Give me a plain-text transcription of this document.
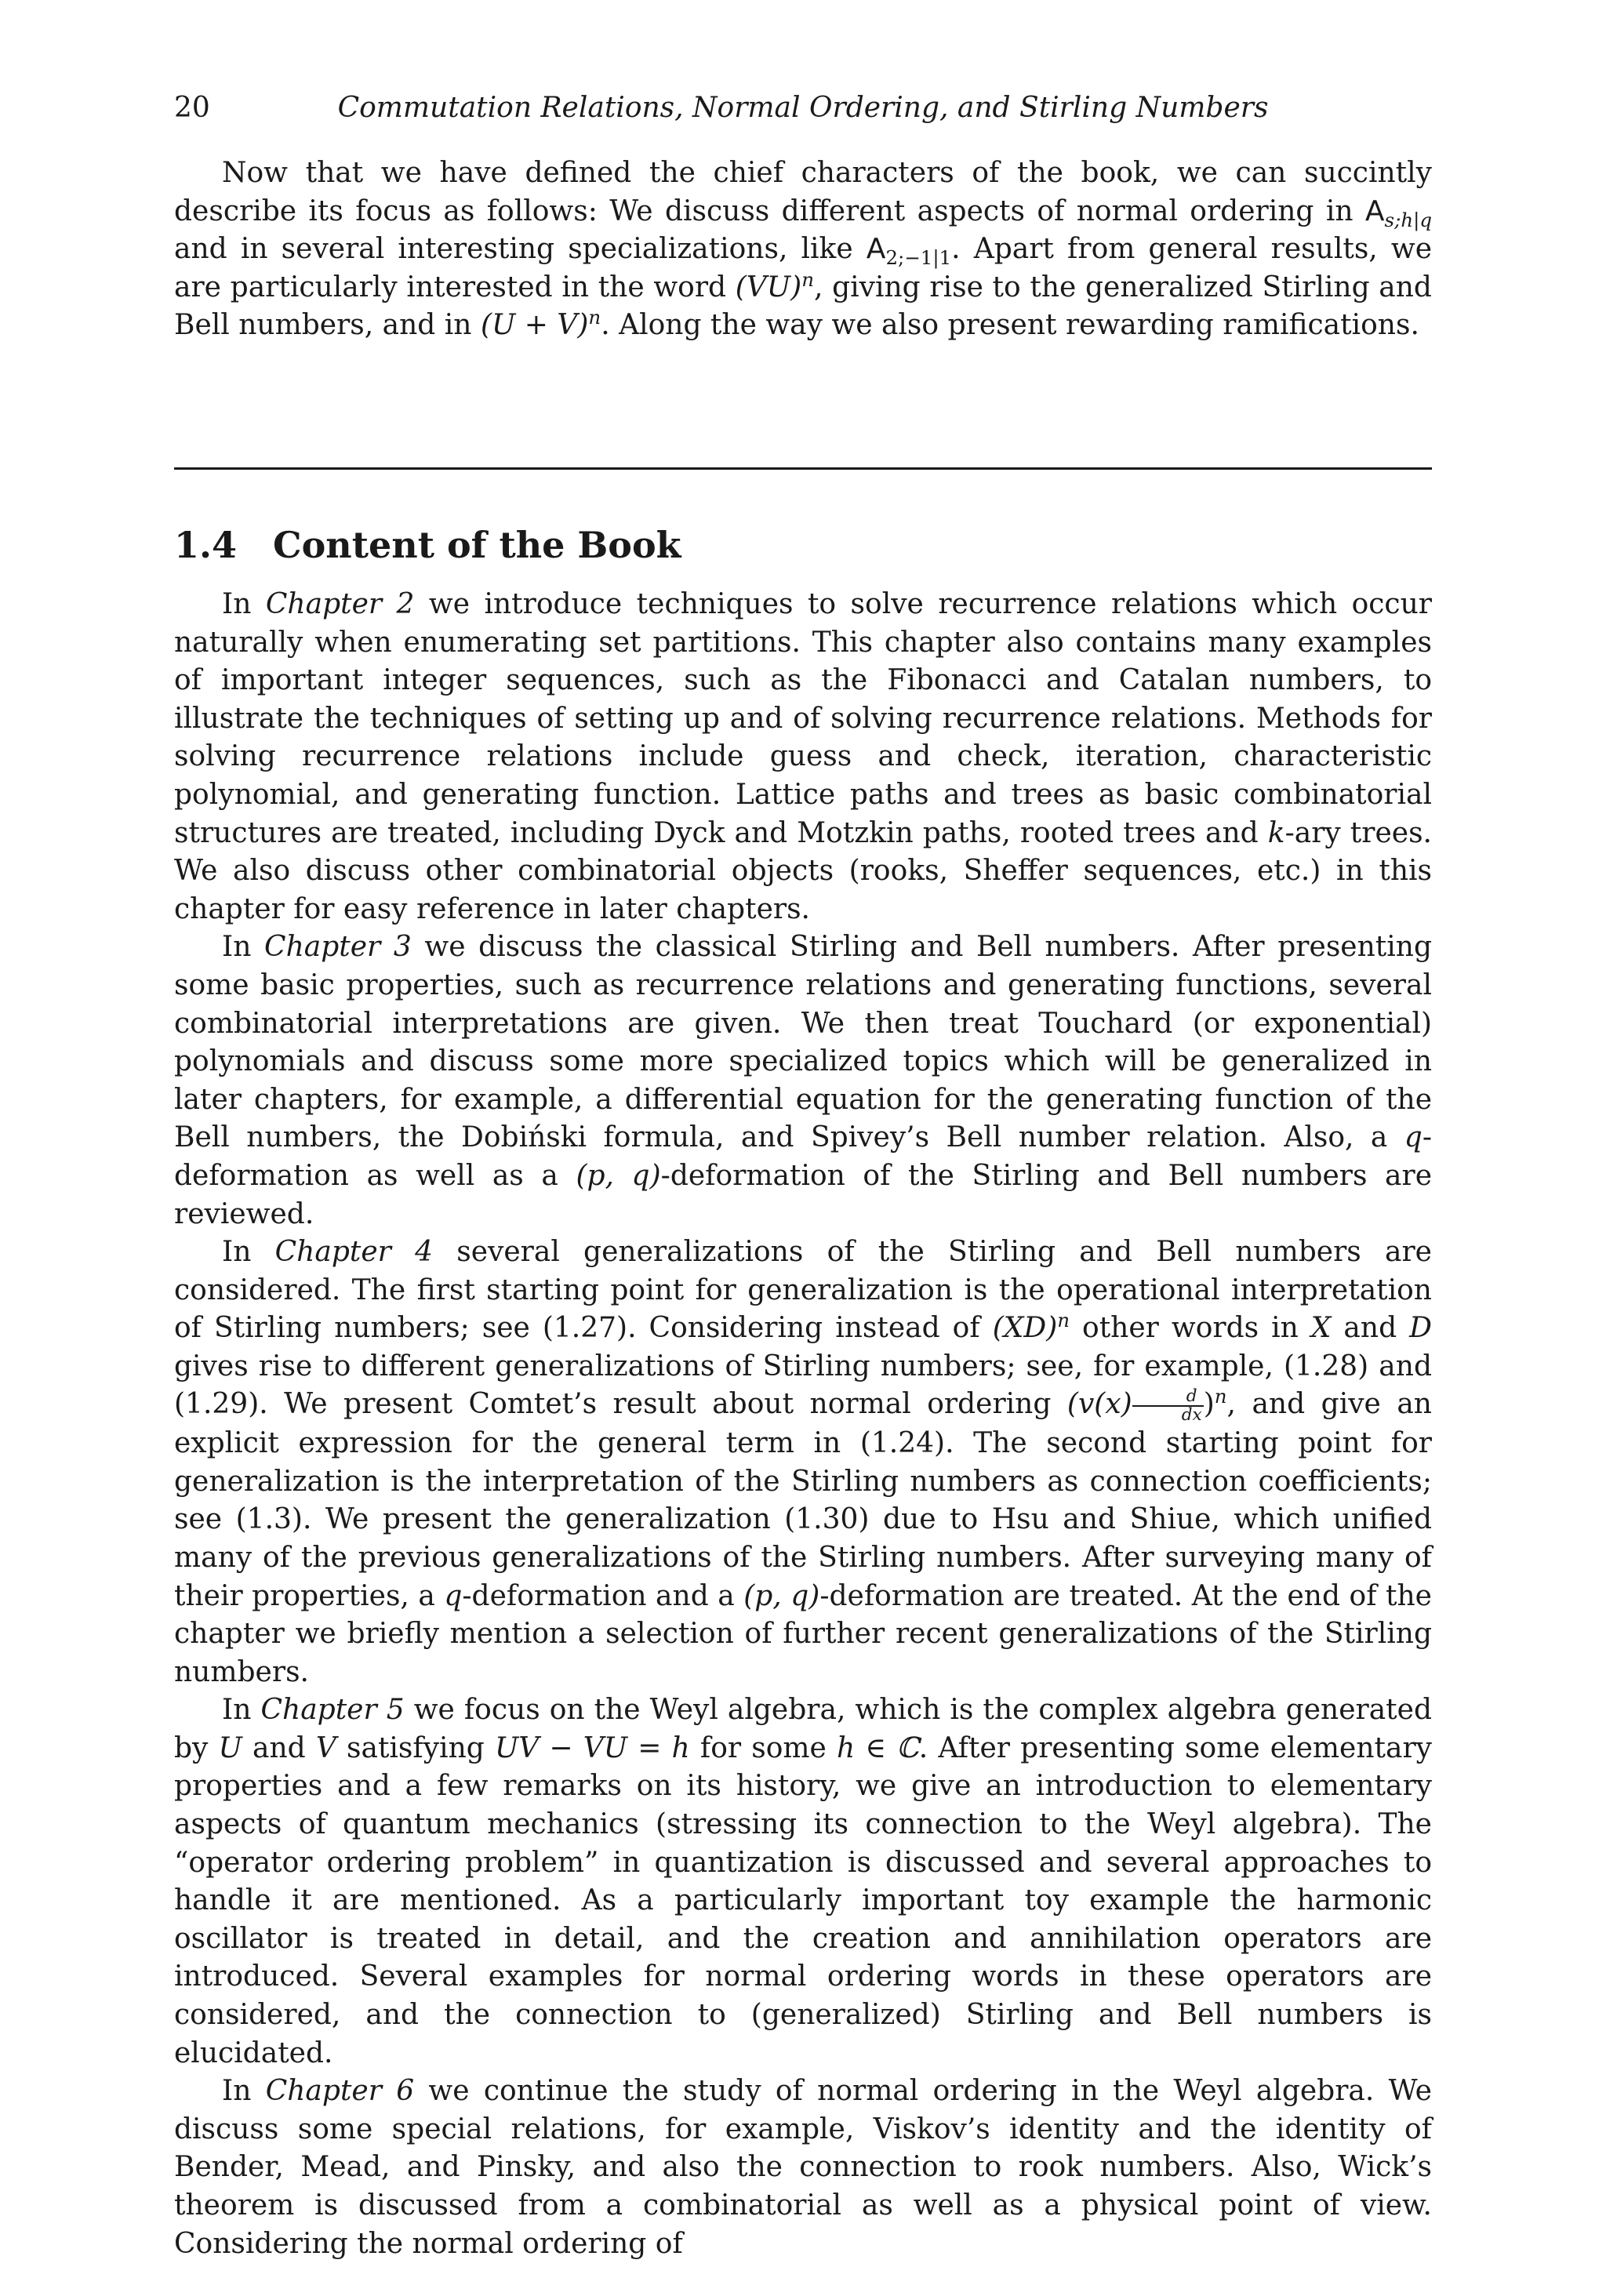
20	Commutation Relations, Normal Ordering, and Stirling Numbers

Now that we have defined the chief characters of the book, we can succintly describe its focus as follows: We discuss different aspects of normal ordering in $A_{s;h|q}$ and in several interesting specializations, like $A_{2;-1|1}$. Apart from general results, we are particularly interested in the word (VU)$^n$, giving rise to the generalized Stirling and Bell numbers, and in $(U + V)^n$. Along the way we also present rewarding ramifications.

1.4 Content of the Book

In Chapter 2 we introduce techniques to solve recurrence relations which occur naturally when enumerating set partitions. This chapter also contains many examples of important integer sequences, such as the Fibonacci and Catalan numbers, to illustrate the techniques of setting up and of solving recurrence relations. Methods for solving recurrence relations include guess and check, iteration, characteristic polynomial, and generating function. Lattice paths and trees as basic combinatorial structures are treated, including Dyck and Motzkin paths, rooted trees and k-ary trees. We also discuss other combinatorial objects (rooks, Sheffer sequences, etc.) in this chapter for easy reference in later chapters.

In Chapter 3 we discuss the classical Stirling and Bell numbers. After presenting some basic properties, such as recurrence relations and generating functions, several combinatorial interpretations are given. We then treat Touchard (or exponential) polynomials and discuss some more specialized topics which will be generalized in later chapters, for example, a differential equation for the generating function of the Bell numbers, the Dobiński formula, and Spivey’s Bell number relation. Also, a q-deformation as well as a (p, q)-deformation of the Stirling and Bell numbers are reviewed.

In Chapter 4 several generalizations of the Stirling and Bell numbers are considered. The first starting point for generalization is the operational interpretation of Stirling numbers; see (1.27). Considering instead of (XD)$^n$ other words in X and D gives rise to different generalizations of Stirling numbers; see, for example, (1.28) and (1.29). We present Comtet’s result about normal ordering $(v(x) \frac{d}{dx} )^n$, and give an explicit expression for the general term in (1.24). The second starting point for generalization is the interpretation of the Stirling numbers as connection coefficients; see (1.3). We present the generalization (1.30) due to Hsu and Shiue, which unified many of the previous generalizations of the Stirling numbers. After surveying many of their properties, a q-deformation and a (p, q)-deformation are treated. At the end of the chapter we briefly mention a selection of further recent generalizations of the Stirling numbers.

In Chapter 5 we focus on the Weyl algebra, which is the complex algebra generated by U and V satisfying UV − VU = h for some h ∈ ℂ. After presenting some elementary properties and a few remarks on its history, we give an introduction to elementary aspects of quantum mechanics (stressing its connection to the Weyl algebra). The “operator ordering problem” in quantization is discussed and several approaches to handle it are mentioned. As a particularly important toy example the harmonic oscillator is treated in detail, and the creation and annihilation operators are introduced. Several examples for normal ordering words in these operators are considered, and the connection to (generalized) Stirling and Bell numbers is elucidated.

In Chapter 6 we continue the study of normal ordering in the Weyl algebra. We discuss some special relations, for example, Viskov’s identity and the identity of Bender, Mead, and Pinsky, and also the connection to rook numbers. Also, Wick’s theorem is discussed from a combinatorial as well as a physical point of view. Considering the normal ordering of
